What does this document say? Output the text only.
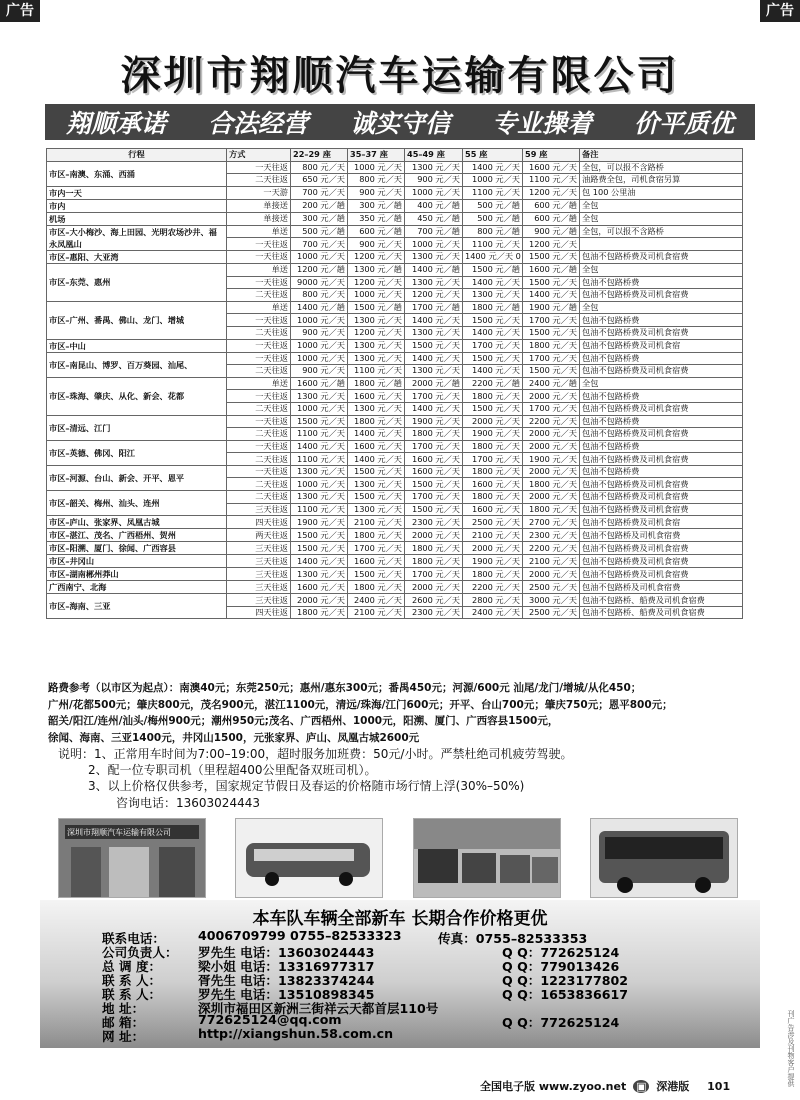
广告	广告
深圳市翔顺汽车运输有限公司
翔顺承诺 合法经营 诚实守信 专业操着 价平质优
行程	方式	22–29 座	35–37 座	45–49 座	55 座	59 座	备注
市区–南澳、东涌、西涌	一天往返	800 元／天	1000 元／天	1300 元／天	1400 元／天	1600 元／天	全包，可以报不含路桥
	二天往返	650 元／天	800 元／天	900 元／天	1000 元／天	1100 元／天	油路费全包，司机食宿另算
市内一天	一天游	700 元／天	900 元／天	1000 元／天	1100 元／天	1200 元／天	包 100 公里油
市内	单接送	200 元／趟	300 元／趟	400 元／趟	500 元／趟	600 元／趟	全包
机场	单接送	300 元／趟	350 元／趟	450 元／趟	500 元／趟	600 元／趟	全包
市区–大小梅沙、海上田园、光明农场沙井、福永凤凰山	单送	500 元／趟	600 元／趟	700 元／趟	800 元／趟	900 元／趟	全包，可以报不含路桥
	一天往返	700 元／天	900 元／天	1000 元／天	1100 元／天	1200 元／天	
市区–惠阳、大亚湾	一天往返	1000 元／天	1200 元／天	1300 元／天	1400 元／天 0	1500 元／天	包油不包路桥费及司机食宿费
市区–东莞、惠州	单送	1200 元／趟	1300 元／趟	1400 元／趟	1500 元／趟	1600 元／趟	全包
	一天往返	9000 元／天	1200 元／天	1300 元／天	1400 元／天	1500 元／天	包油不包路桥费
	二天往返	800 元／天	1000 元／天	1200 元／天	1300 元／天	1400 元／天	包油不包路桥费及司机食宿费
市区–广州、番禺、佛山、龙门、增城	单送	1400 元／趟	1500 元／趟	1700 元／趟	1800 元／趟	1900 元／趟	全包
	一天往返	1000 元／天	1300 元／天	1400 元／天	1500 元／天	1700 元／天	包油不包路桥费
	二天往返	900 元／天	1200 元／天	1300 元／天	1400 元／天	1500 元／天	包油不包路桥费及司机食宿费
市区–中山	一天往返	1000 元／天	1300 元／天	1500 元／天	1700 元／天	1800 元／天	包油不包路桥费及司机食宿
市区–南昆山、博罗、百万葵园、汕尾、	一天往返	1000 元／天	1300 元／天	1400 元／天	1500 元／天	1700 元／天	包油不包路桥费
	二天往返	900 元／天	1100 元／天	1300 元／天	1400 元／天	1500 元／天	包油不包路桥费及司机食宿费
市区–珠海、肇庆、从化、新会、花都	单送	1600 元／趟	1800 元／趟	2000 元／趟	2200 元／趟	2400 元／趟	全包
	一天往返	1300 元／天	1600 元／天	1700 元／天	1800 元／天	2000 元／天	包油不包路桥费
	二天往返	1000 元／天	1300 元／天	1400 元／天	1500 元／天	1700 元／天	包油不包路桥费及司机食宿费
市区–清远、江门	一天往返	1500 元／天	1800 元／天	1900 元／天	2000 元／天	2200 元／天	包油不包路桥费
	二天往返	1100 元／天	1400 元／天	1800 元／天	1900 元／天	2000 元／天	包油不包路桥费及司机食宿费
市区–英德、佛冈、阳江	一天往返	1400 元／天	1600 元／天	1700 元／天	1800 元／天	2000 元／天	包油不包路桥费
	二天往返	1100 元／天	1400 元／天	1600 元／天	1700 元／天	1900 元／天	包油不包路桥费及司机食宿费
市区–河源、台山、新会、开平、恩平	一天往返	1300 元／天	1500 元／天	1600 元／天	1800 元／天	2000 元／天	包油不包路桥费
	二天往返	1000 元／天	1300 元／天	1500 元／天	1600 元／天	1800 元／天	包油不包路桥费及司机食宿费
市区–韶关、梅州、汕头、连州	二天往返	1300 元／天	1500 元／天	1700 元／天	1800 元／天	2000 元／天	包油不包路桥费及司机食宿费
	三天往返	1100 元／天	1300 元／天	1500 元／天	1600 元／天	1800 元／天	包油不包路桥费及司机食宿费
市区–庐山、张家界、凤凰古城	四天往返	1900 元／天	2100 元／天	2300 元／天	2500 元／天	2700 元／天	包油不包路桥费及司机食宿
市区–湛江、茂名、广西梧州、贺州	两天往返	1500 元／天	1800 元／天	2000 元／天	2100 元／天	2300 元／天	包油不包路桥及司机食宿费
市区–阳溯、厦门、徐闻、广西容县	三天往返	1500 元／天	1700 元／天	1800 元／天	2000 元／天	2200 元／天	包油不包路桥费及司机食宿费
市区–井冈山	三天往返	1400 元／天	1600 元／天	1800 元／天	1900 元／天	2100 元／天	包油不包路桥费及司机食宿费
市区–湖南郴州莽山	三天往返	1300 元／天	1500 元／天	1700 元／天	1800 元／天	2000 元／天	包油不包路桥费及司机食宿费
广西南宁、北海	三天往返	1600 元／天	1800 元／天	2000 元／天	2200 元／天	2500 元／天	包油不包路桥及司机食宿费
市区–海南、三亚	三天往返	2000 元／天	2400 元／天	2600 元／天	2800 元／天	3000 元／天	包油不包路桥、船费及司机食宿费
	四天往返	1800 元／天	2100 元／天	2300 元／天	2400 元／天	2500 元／天	包油不包路桥、船费及司机食宿费
路费参考（以市区为起点）：南澳40元；东莞250元；惠州/惠东300元；番禺450元；河源/600元 汕尾/龙门/增城/从化450；
广州/花都500元；肇庆800元，茂名900元，湛江1100元，清远/珠海/江门600元；开平、台山700元；肇庆750元；恩平800元；
韶关/阳江/连州/汕头/梅州900元；潮州950元;茂名、广西梧州、1000元，阳溯、厦门、广西容县1500元，
徐闻、海南、三亚1400元，井冈山1500，元张家界、庐山、凤凰古城2600元

说明：1、正常用车时间为7:00–19:00，超时服务加班费：50元/小时。严禁杜绝司机疲劳驾驶。

2、配一位专职司机（里程超400公里配备双班司机）。

3、以上价格仅供参考，国家规定节假日及春运的价格随市场行情上浮(30%–50%)

咨询电话：13603024443

深圳市翔顺汽车运输有限公司
本车队车辆全部新车 长期合作价格更优
联系电话：	4006709799 0755–82533323	传真：0755–82533353
公司负责人： 罗先生 电话：13603024443	Q Q：772625124
总 调 度：	梁小姐 电话：13316977317	Q Q：779013426
联 系 人：	胥先生 电话：13823374244	Q Q：1223177802
联 系 人：	罗先生 电话：13510898345	Q Q：1653836617
地 址：	深圳市福田区新洲三街祥云天都首层110号
邮 箱：	772625124@qq.com	Q Q：772625124
网 址：	http://xiangshun.58.com.cn	刊广告涉及刊物客户提供
全国电子版 www.zyoo.net ▣ 深港版 101
